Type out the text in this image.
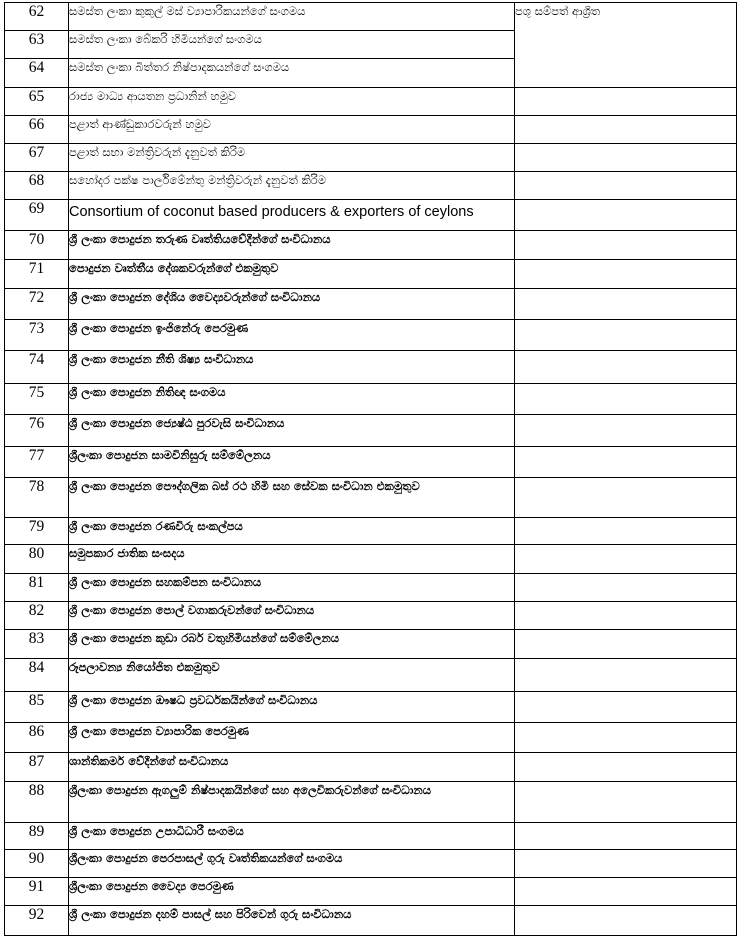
62	සමස්ත ලංකා කුකුල් මස් ව්‍යාපාරිකයන්ගේ සංගමය	පශු සම්පත් ආශ්‍රිත
63	සමස්ත ලංකා බේකරි හිමියන්ගේ සංගමය	
64	සමස්ත ලංකා බිත්තර නිෂ්පාදකයන්ගේ සංගමය	
65	රාජ්‍ය මාධ්‍ය ආයතන ප්‍රධානින් හමුව	
66	පළාත් ආණ්ඩුකාරවරුන් හමුව	
67	පළාත් සභා මන්ත්‍රිවරුන් දැනුවත් කිරිම	
68	සහෝදර පක්ෂ පාර්ලිමේන්තු මන්ත්‍රිවරුන් දැනුවත් කිරිම	
69	Consortium of coconut based producers & exporters of ceylons	
70	ශ්‍රී ලංකා පොදුජන තරුණ වෘත්තියවේදීන්ගේ සංවිධානය	
71	පොදුජන වෘත්තීය දේශකවරුන්ගේ එකමුතුව	
72	ශ්‍රී ලංකා පොදුජන දේශිය වෛද්‍යවරුන්ගේ සංවිධානය	
73	ශ්‍රී ලංකා පොදුජන ඉංජිනේරු පෙරමුණ	
74	ශ්‍රී ලංකා පොදුජන නීති ශිෂ්‍ය සංවිධානය	
75	ශ්‍රී ලංකා පොදුජන නිතිඥ සංගමය	
76	ශ්‍රී ලංකා පොදුජන ජ්‍යෙෂ්ඨ පුරවැසි සංවිධානය	
77	ශ්‍රීලංකා පොදුජන සාමවිනිසුරු සම්මේලනය	
78	ශ්‍රී ලංකා පොදුජන පෞද්ගලික බස් රථ හිමි සහ සේවක සංවිධාන එකමුතුව	
79	ශ්‍රී ලංකා පොදුජන රණවිරු සංකල්පය	
80	සමුපකාර ජාතික සංසදය	
81	ශ්‍රී ලංකා පොදුජන සහකම්පන සංවිධානය	
82	ශ්‍රී ලංකා පොදුජන පොල් වගාකරුවන්ගේ සංවිධානය	
83	ශ්‍රී ලංකා පොදුජන කුඩා රබර් වතුහිමියන්ගේ සම්මේලනය	
84	රූපලාවන්‍ය නියෝජිත එකමුතුව	
85	ශ්‍රී ලංකා පොදුජන ඖෂධ ප්‍රවර්ධකයින්ගේ සංවිධානය	
86	ශ්‍රී ලංකා පොදුජන ව්‍යාපාරික පෙරමුණ	
87	ශාන්තිකර්ම වේදීන්ගේ සංවිධානය	
88	ශ්‍රීලංකා පොදුජන ඇගලුම් නිෂ්පාදකයින්ගේ සහ අලෙවිකරුවන්ගේ සංවිධානය	
89	ශ්‍රී ලංකා පොදුජන උපාධිධාරී සංගමය	
90	ශ්‍රීලංකා පොදුජන පෙරපාසල් ගුරු වෘත්තිකයන්ගේ සංගමය	
91	ශ්‍රීලංකා පොදුජන වෛද්‍ය පෙරමුණ	
92	ශ්‍රී ලංකා පොදුජන දහම් පාසල් සහ පිරිවෙන් ගුරු සංවිධානය	
